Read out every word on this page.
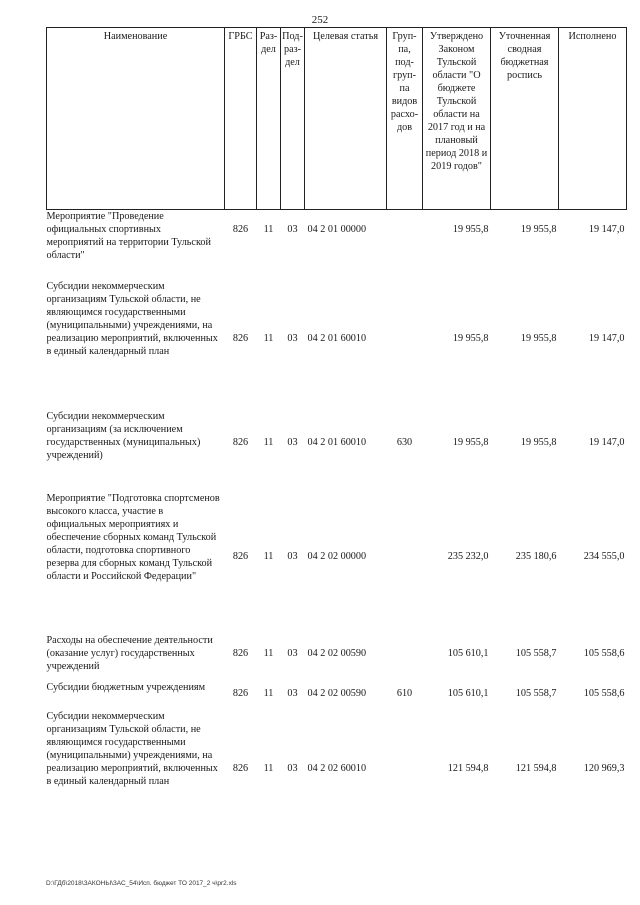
252
Наименование	ГРБС	Раз-дел	Под-раз-дел	Целевая статья	Груп-па, под-груп-па видов расхо-дов	Утверждено Законом Тульской области "О бюджете Тульской области на 2017 год и на плановый период 2018 и 2019 годов"	Уточненная сводная бюджетная роспись	Исполнено
Мероприятие "Проведение официальных спортивных мероприятий на территории Тульской области"	826	11	03	04 2 01 00000		19 955,8	19 955,8	19 147,0

Субсидии некоммерческим организациям Тульской области, не являющимся государственными (муниципальными) учреждениями, на реализацию мероприятий, включенных в единый календарный план	826	11	03	04 2 01 60010		19 955,8	19 955,8	19 147,0

Субсидии некоммерческим организациям (за исключением государственных (муниципальных) учреждений)	826	11	03	04 2 01 60010	630	19 955,8	19 955,8	19 147,0

Мероприятие "Подготовка спортсменов высокого класса, участие в официальных мероприятиях и обеспечение сборных команд Тульской области, подготовка спортивного резерва для сборных команд Тульской области и Российской Федерации"	826	11	03	04 2 02 00000		235 232,0	235 180,6	234 555,0

Расходы на обеспечение деятельности (оказание услуг) государственных учреждений	826	11	03	04 2 02 00590		105 610,1	105 558,7	105 558,6

Субсидии бюджетным учреждениям	826	11	03	04 2 02 00590	610	105 610,1	105 558,7	105 558,6

Субсидии некоммерческим организациям Тульской области, не являющимся государственными (муниципальными) учреждениями, на реализацию мероприятий, включенных в единый календарный план	826	11	03	04 2 02 60010		121 594,8	121 594,8	120 969,3
D:\ГДб\2018\ЗАКОНЫ\ЗАС_54\Исп. бюджет ТО 2017_2 ч\pr2.xls
